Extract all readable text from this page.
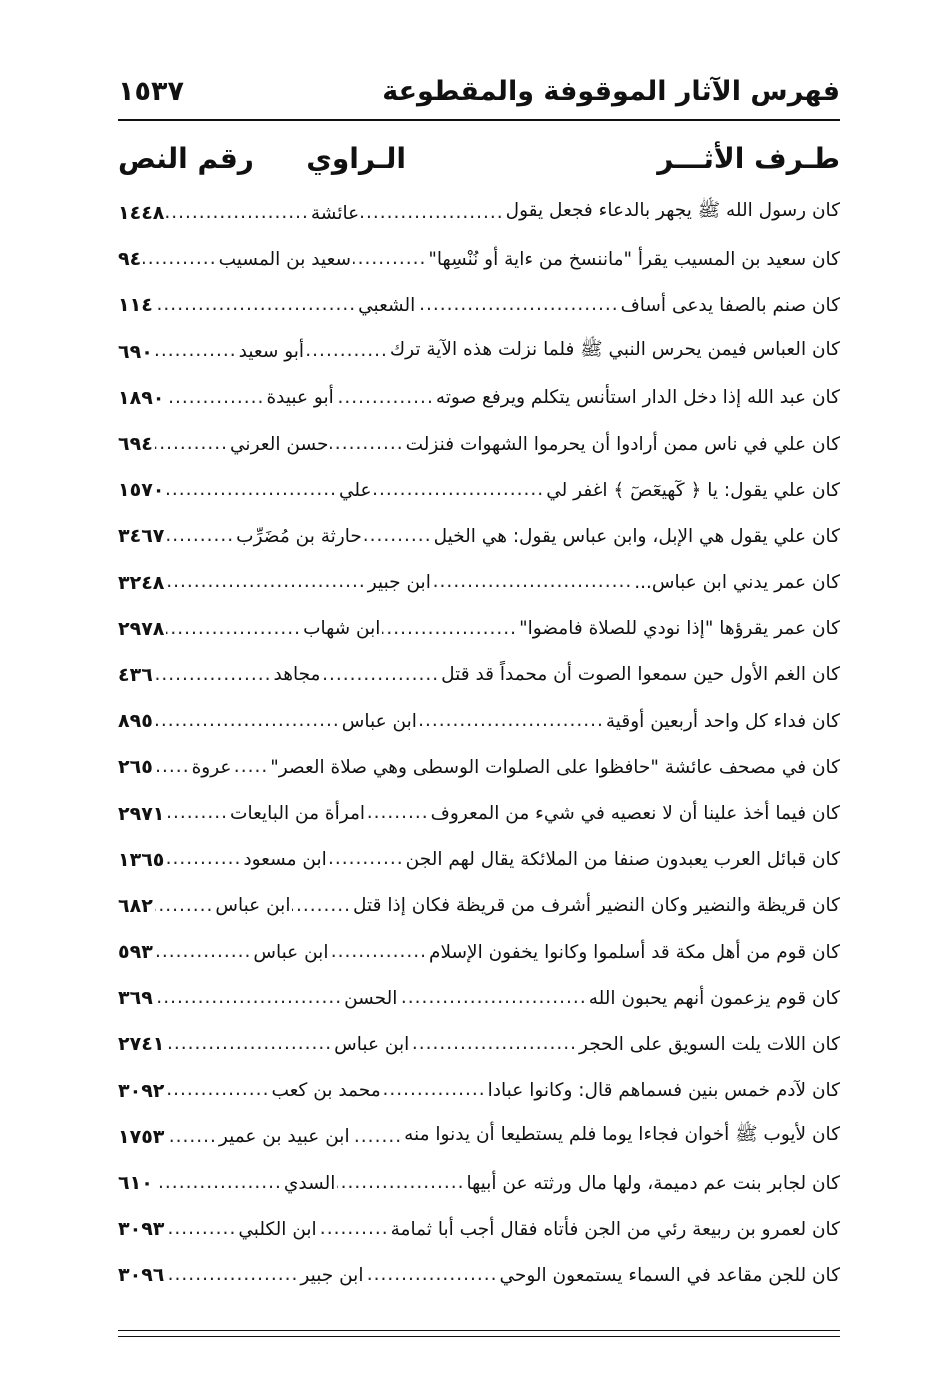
فهرس الآثار الموقوفة والمقطوعة
١٥٣٧
طـرف الأثـــر
الـراوي
رقم النص
كان رسول الله ﷺ يجهر بالدعاء فجعل يقول
.....
عائشة
.....
١٤٤٨
كان سعيد بن المسيب يقرأ "ماننسخ من ءاية أو نُنْسِها"
.....
سعيد بن المسيب
.....
٩٤
كان صنم بالصفا يدعى أساف
.....
الشعبي
.....
١١٤
كان العباس فيمن يحرس النبي ﷺ فلما نزلت هذه الآية ترك
.....
أبو سعيد
.....
٦٩٠
كان عبد الله إذا دخل الدار استأنس يتكلم ويرفع صوته
.....
أبو عبيدة
.....
١٨٩٠
كان علي في ناس ممن أرادوا أن يحرموا الشهوات فنزلت
.....
حسن العرني
.....
٦٩٤
كان علي يقول: يا ﴿ كٓهيعٓصٓ ﴾ اغفر لي
.....
علي
.....
١٥٧٠
كان علي يقول هي الإبل، وابن عباس يقول: هي الخيل
.....
حارثة بن مُضَرِّب
.....
٣٤٦٧
كان عمر يدني ابن عباس...
.....
ابن جبير
.....
٣٢٤٨
كان عمر يقرؤها "إذا نودي للصلاة فامضوا"
.....
ابن شهاب
.....
٢٩٧٨
كان الغم الأول حين سمعوا الصوت أن محمداً قد قتل
.....
مجاهد
.....
٤٣٦
كان فداء كل واحد أربعين أوقية
.....
ابن عباس
.....
٨٩٥
كان في مصحف عائشة "حافظوا على الصلوات الوسطى وهي صلاة العصر"
.....
عروة
.....
٢٦٥
كان فيما أخذ علينا أن لا نعصيه في شيء من المعروف
.....
امرأة من البايعات
.....
٢٩٧١
كان قبائل العرب يعبدون صنفا من الملائكة يقال لهم الجن
.....
ابن مسعود
.....
١٣٦٥
كان قريظة والنضير وكان النضير أشرف من قريظة فكان إذا قتل
.....
ابن عباس
.....
٦٨٢
كان قوم من أهل مكة قد أسلموا وكانوا يخفون الإسلام
.....
ابن عباس
.....
٥٩٣
كان قوم يزعمون أنهم يحبون الله
.....
الحسن
.....
٣٦٩
كان اللات يلت السويق على الحجر
.....
ابن عباس
.....
٢٧٤١
كان لآدم خمس بنين فسماهم قال: وكانوا عبادا
.....
محمد بن كعب
.....
٣٠٩٢
كان لأيوب ﷺ أخوان فجاءا يوما فلم يستطيعا أن يدنوا منه
.....
ابن عبيد بن عمير
.....
١٧٥٣
كان لجابر بنت عم دميمة، ولها مال ورثته عن أبيها
.....
السدي
.....
٦١٠
كان لعمرو بن ربيعة رئي من الجن فأتاه فقال أجب أبا ثمامة
.....
ابن الكلبي
.....
٣٠٩٣
كان للجن مقاعد في السماء يستمعون الوحي
.....
ابن جبير
.....
٣٠٩٦
